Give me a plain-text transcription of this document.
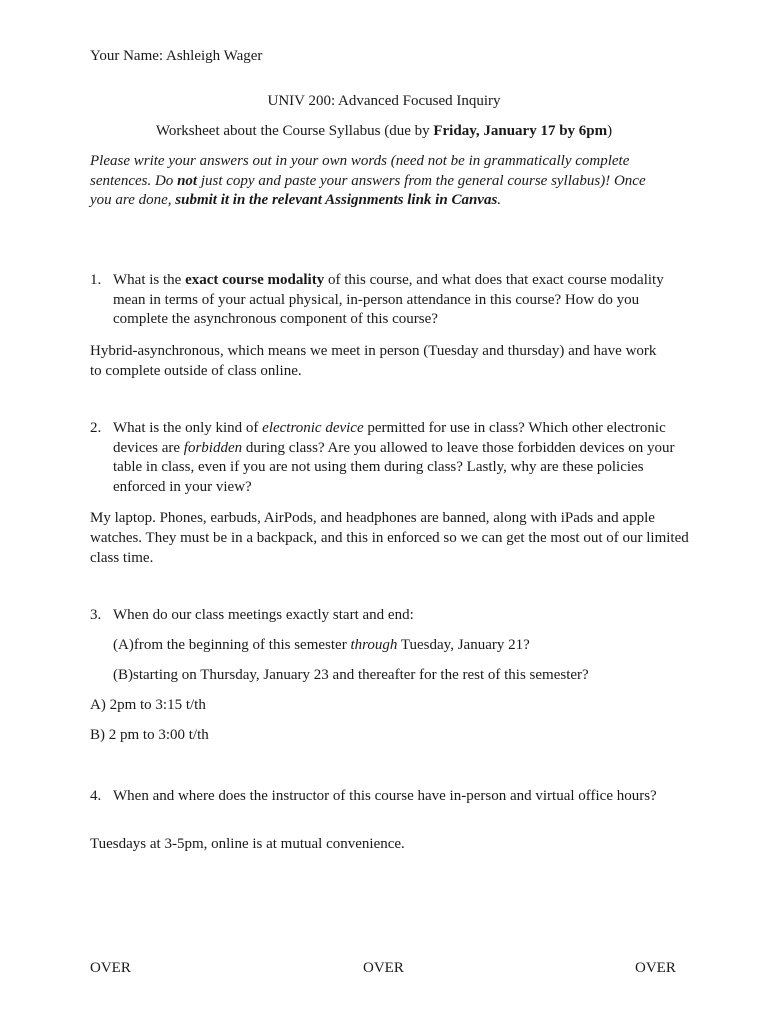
Your Name: Ashleigh Wager
UNIV 200: Advanced Focused Inquiry
Worksheet about the Course Syllabus (due by Friday, January 17 by 6pm)
Please write your answers out in your own words (need not be in grammatically complete sentences. Do not just copy and paste your answers from the general course syllabus)! Once you are done, submit it in the relevant Assignments link in Canvas.
1. What is the exact course modality of this course, and what does that exact course modality mean in terms of your actual physical, in-person attendance in this course? How do you complete the asynchronous component of this course?
Hybrid-asynchronous, which means we meet in person (Tuesday and thursday) and have work to complete outside of class online.
2. What is the only kind of electronic device permitted for use in class? Which other electronic devices are forbidden during class? Are you allowed to leave those forbidden devices on your table in class, even if you are not using them during class? Lastly, why are these policies enforced in your view?
My laptop. Phones, earbuds, AirPods, and headphones are banned, along with iPads and apple watches. They must be in a backpack, and this in enforced so we can get the most out of our limited class time.
3. When do our class meetings exactly start and end:
(A)from the beginning of this semester through Tuesday, January 21?
(B)starting on Thursday, January 23 and thereafter for the rest of this semester?
A) 2pm to 3:15 t/th
B) 2 pm to 3:00 t/th
4. When and where does the instructor of this course have in-person and virtual office hours?
Tuesdays at 3-5pm, online is at mutual convenience.
OVER	OVER	OVER
